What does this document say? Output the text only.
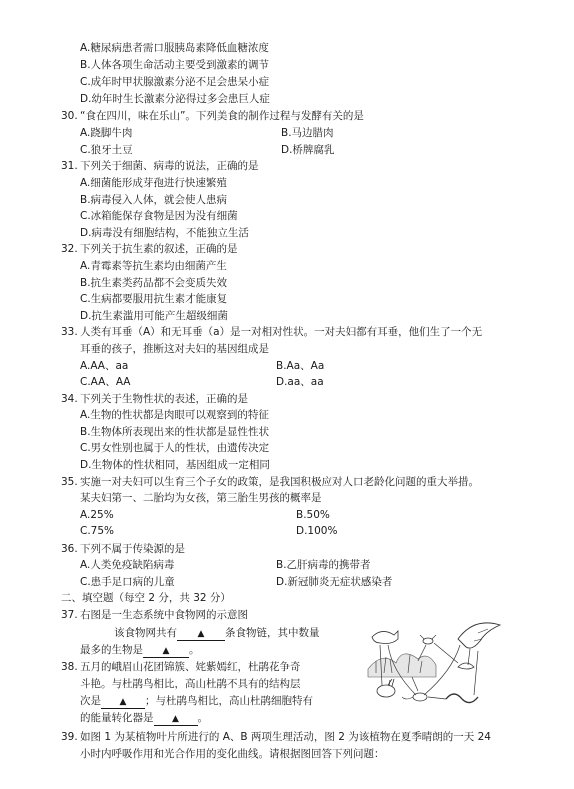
A.糖尿病患者需口服胰岛素降低血糖浓度
B.人体各项生命活动主要受到激素的调节
C.成年时甲状腺激素分泌不足会患呆小症
D.幼年时生长激素分泌得过多会患巨人症
30. “食在四川，味在乐山”。下列美食的制作过程与发酵有关的是
A.跷脚牛肉	B.马边腊肉
C.狼牙土豆	D.桥牌腐乳
31. 下列关于细菌、病毒的说法，正确的是
A.细菌能形成芽孢进行快速繁殖
B.病毒侵入人体，就会使人患病
C.冰箱能保存食物是因为没有细菌
D.病毒没有细胞结构，不能独立生活
32. 下列关于抗生素的叙述，正确的是
A.青霉素等抗生素均由细菌产生
B.抗生素类药品都不会变质失效
C.生病都要服用抗生素才能康复
D.抗生素滥用可能产生超级细菌
33. 人类有耳垂（A）和无耳垂（a）是一对相对性状。一对夫妇都有耳垂，他们生了一个无
耳垂的孩子，推断这对夫妇的基因组成是
A.AA、aa	B.Aa、Aa
C.AA、AA	D.aa、aa
34. 下列关于生物性状的表述，正确的是
A.生物的性状都是肉眼可以观察到的特征
B.生物体所表现出来的性状都是显性性状
C.男女性别也属于人的性状，由遗传决定
D.生物体的性状相同，基因组成一定相同
35. 实施一对夫妇可以生育三个子女的政策，是我国积极应对人口老龄化问题的重大举措。
某夫妇第一、二胎均为女孩，第三胎生男孩的概率是
A.25%	B.50%
C.75%	D.100%
36. 下列不属于传染源的是
A.人类免疫缺陷病毒	B.乙肝病毒的携带者
C.患手足口病的儿童	D.新冠肺炎无症状感染者
二、填空题（每空 2 分，共 32 分）
37. 右图是一生态系统中食物网的示意图
该食物网共有 ▲ 条食物链，其中数量
最多的生物是 ▲ 。
38. 五月的峨眉山花团锦簇、姹紫嫣红，杜鹃花争奇
斗艳。与杜鹃鸟相比，高山杜鹃不具有的结构层
次是 ▲ ；与杜鹃鸟相比，高山杜鹃细胞特有
的能量转化器是 ▲ 。
39. 如图 1 为某植物叶片所进行的 A、B 两项生理活动，图 2 为该植物在夏季晴朗的一天 24
小时内呼吸作用和光合作用的变化曲线。请根据图回答下列问题：
